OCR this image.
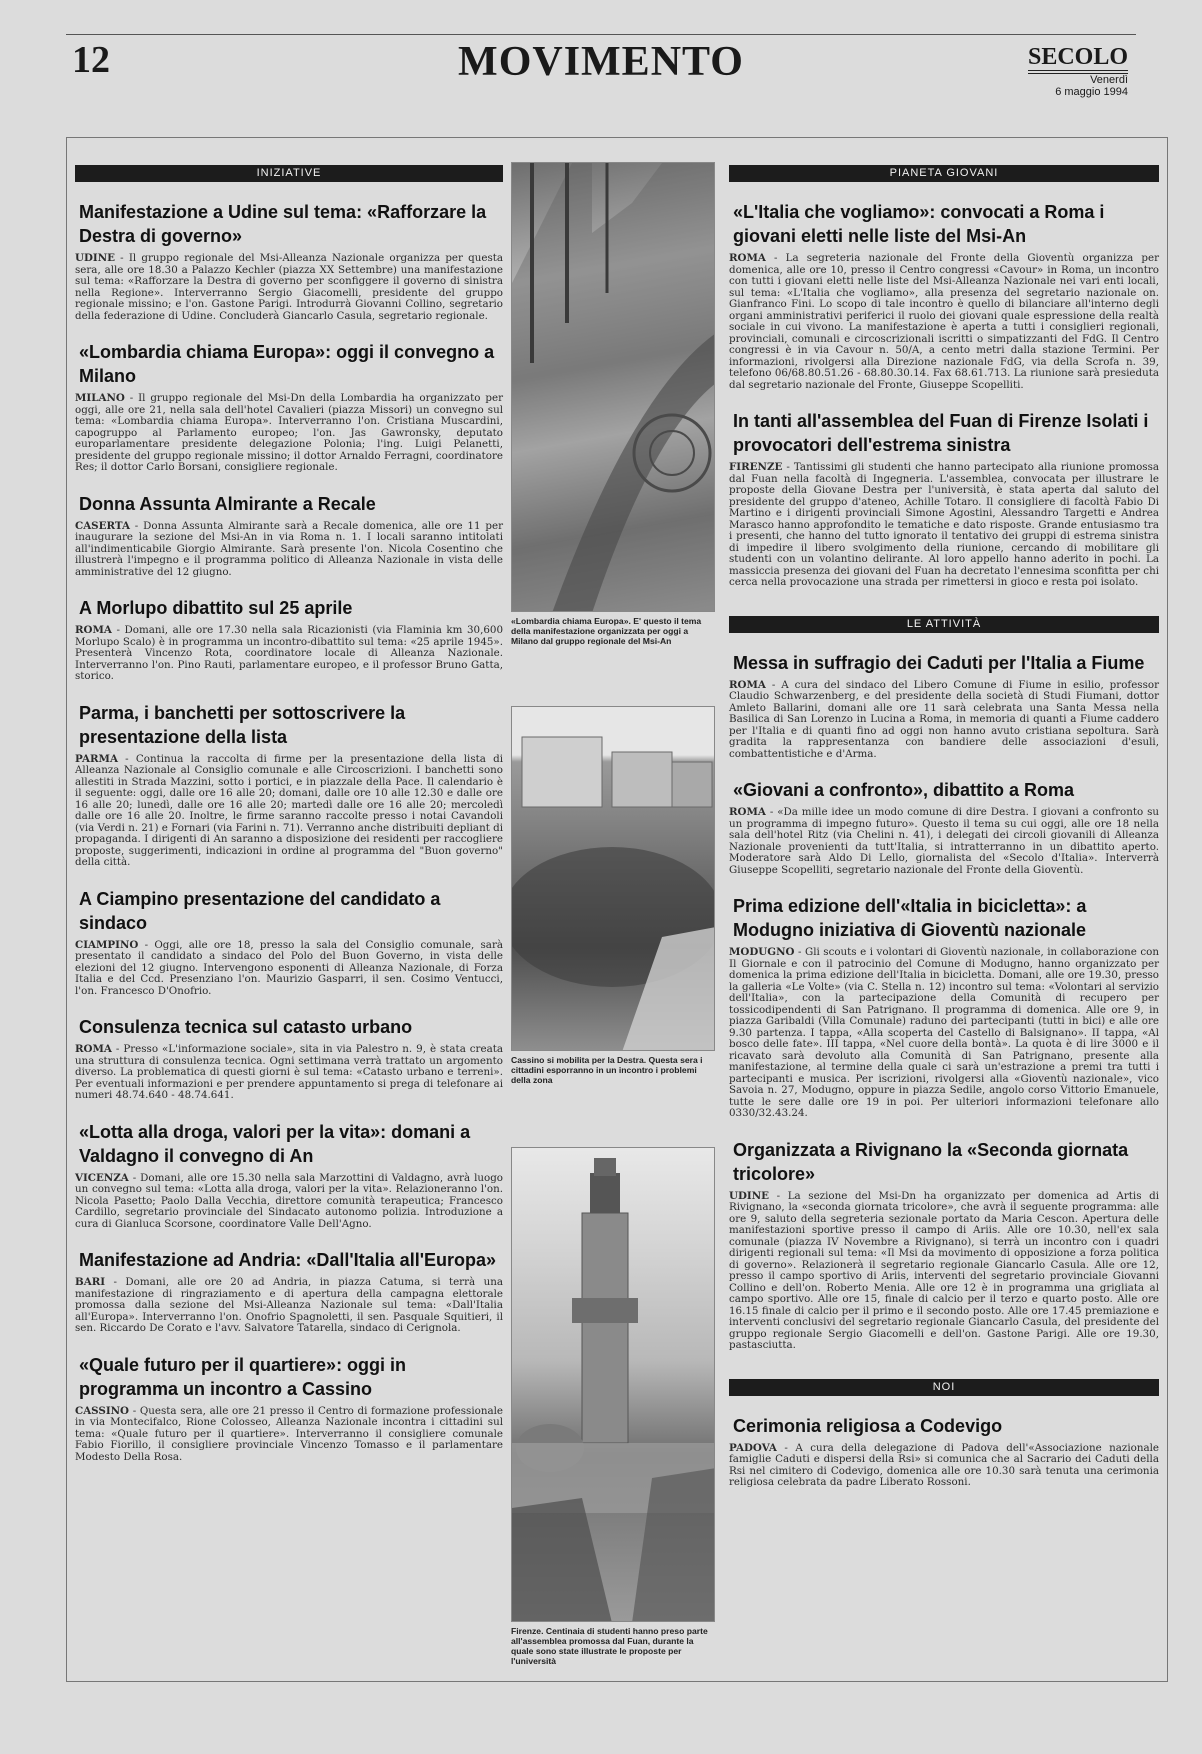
12	MOVIMENTO	SECOLO
Venerdì
6 maggio 1994
INIZIATIVE
Manifestazione a Udine sul tema: «Rafforzare la Destra di governo»

UDINE - Il gruppo regionale del Msi-Alleanza Nazionale organizza per questa sera, alle ore 18.30 a Palazzo Kechler (piazza XX Settembre) una manifestazione sul tema: «Rafforzare la Destra di governo per sconfiggere il governo di sinistra nella Regione». Interverranno Sergio Giacomelli, presidente del gruppo regionale missino; e l'on. Gastone Parigi. Introdurrà Giovanni Collino, segretario della federazione di Udine. Concluderà Giancarlo Casula, segretario regionale.

«Lombardia chiama Europa»: oggi il convegno a Milano

MILANO - Il gruppo regionale del Msi-Dn della Lombardia ha organizzato per oggi, alle ore 21, nella sala dell'hotel Cavalieri (piazza Missori) un convegno sul tema: «Lombardia chiama Europa». Interverranno l'on. Cristiana Muscardini, capogruppo al Parlamento europeo; l'on. Jas Gawronsky, deputato europarlamentare presidente delegazione Polonia; l'ing. Luigi Pelanetti, presidente del gruppo regionale missino; il dottor Arnaldo Ferragni, coordinatore Res; il dottor Carlo Borsani, consigliere regionale.

Donna Assunta Almirante a Recale

CASERTA - Donna Assunta Almirante sarà a Recale domenica, alle ore 11 per inaugurare la sezione del Msi-An in via Roma n. 1. I locali saranno intitolati all'indimenticabile Giorgio Almirante. Sarà presente l'on. Nicola Cosentino che illustrerà l'impegno e il programma politico di Alleanza Nazionale in vista delle amministrative del 12 giugno.

A Morlupo dibattito sul 25 aprile

ROMA - Domani, alle ore 17.30 nella sala Ricazionisti (via Flaminia km 30,600 Morlupo Scalo) è in programma un incontro-dibattito sul tema: «25 aprile 1945». Presenterà Vincenzo Rota, coordinatore locale di Alleanza Nazionale. Interverranno l'on. Pino Rauti, parlamentare europeo, e il professor Bruno Gatta, storico.

Parma, i banchetti per sottoscrivere la presentazione della lista

PARMA - Continua la raccolta di firme per la presentazione della lista di Alleanza Nazionale al Consiglio comunale e alle Circoscrizioni. I banchetti sono allestiti in Strada Mazzini, sotto i portici, e in piazzale della Pace. Il calendario è il seguente: oggi, dalle ore 16 alle 20; domani, dalle ore 10 alle 12.30 e dalle ore 16 alle 20; lunedì, dalle ore 16 alle 20; martedì dalle ore 16 alle 20; mercoledì dalle ore 16 alle 20. Inoltre, le firme saranno raccolte presso i notai Cavandoli (via Verdi n. 21) e Fornari (via Farini n. 71). Verranno anche distribuiti depliant di propaganda. I dirigenti di An saranno a disposizione dei residenti per raccogliere proposte, suggerimenti, indicazioni in ordine al programma del "Buon governo" della città.

A Ciampino presentazione del candidato a sindaco

CIAMPINO - Oggi, alle ore 18, presso la sala del Consiglio comunale, sarà presentato il candidato a sindaco del Polo del Buon Governo, in vista delle elezioni del 12 giugno. Intervengono esponenti di Alleanza Nazionale, di Forza Italia e del Ccd. Presenziano l'on. Maurizio Gasparri, il sen. Cosimo Ventucci, l'on. Francesco D'Onofrio.

Consulenza tecnica sul catasto urbano

ROMA - Presso «L'informazione sociale», sita in via Palestro n. 9, è stata creata una struttura di consulenza tecnica. Ogni settimana verrà trattato un argomento diverso. La problematica di questi giorni è sul tema: «Catasto urbano e terreni». Per eventuali informazioni e per prendere appuntamento si prega di telefonare ai numeri 48.74.640 - 48.74.641.

«Lotta alla droga, valori per la vita»: domani a Valdagno il convegno di An

VICENZA - Domani, alle ore 15.30 nella sala Marzottini di Valdagno, avrà luogo un convegno sul tema: «Lotta alla droga, valori per la vita». Relazioneranno l'on. Nicola Pasetto; Paolo Dalla Vecchia, direttore comunità terapeutica; Francesco Cardillo, segretario provinciale del Sindacato autonomo polizia. Introduzione a cura di Gianluca Scorsone, coordinatore Valle Dell'Agno.

Manifestazione ad Andria: «Dall'Italia all'Europa»

BARI - Domani, alle ore 20 ad Andria, in piazza Catuma, si terrà una manifestazione di ringraziamento e di apertura della campagna elettorale promossa dalla sezione del Msi-Alleanza Nazionale sul tema: «Dall'Italia all'Europa». Interverranno l'on. Onofrio Spagnoletti, il sen. Pasquale Squitieri, il sen. Riccardo De Corato e l'avv. Salvatore Tatarella, sindaco di Cerignola.

«Quale futuro per il quartiere»: oggi in programma un incontro a Cassino

CASSINO - Questa sera, alle ore 21 presso il Centro di formazione professionale in via Montecifalco, Rione Colosseo, Alleanza Nazionale incontra i cittadini sul tema: «Quale futuro per il quartiere». Interverranno il consigliere comunale Fabio Fiorillo, il consigliere provinciale Vincenzo Tomasso e il parlamentare Modesto Della Rosa.

«Lombardia chiama Europa». E' questo il tema della manifestazione organizzata per oggi a Milano dal gruppo regionale del Msi-An
Cassino si mobilita per la Destra. Questa sera i cittadini esporranno in un incontro i problemi della zona
Firenze. Centinaia di studenti hanno preso parte all'assemblea promossa dal Fuan, durante la quale sono state illustrate le proposte per l'università
PIANETA GIOVANI
«L'Italia che vogliamo»: convocati a Roma i giovani eletti nelle liste del Msi-An

ROMA - La segreteria nazionale del Fronte della Gioventù organizza per domenica, alle ore 10, presso il Centro congressi «Cavour» in Roma, un incontro con tutti i giovani eletti nelle liste del Msi-Alleanza Nazionale nei vari enti locali, sul tema: «L'Italia che vogliamo», alla presenza del segretario nazionale on. Gianfranco Fini. Lo scopo di tale incontro è quello di bilanciare all'interno degli organi amministrativi periferici il ruolo dei giovani quale espressione della realtà sociale in cui vivono. La manifestazione è aperta a tutti i consiglieri regionali, provinciali, comunali e circoscrizionali iscritti o simpatizzanti del FdG. Il Centro congressi è in via Cavour n. 50/A, a cento metri dalla stazione Termini. Per informazioni, rivolgersi alla Direzione nazionale FdG, via della Scrofa n. 39, telefono 06/68.80.51.26 - 68.80.30.14. Fax 68.61.713. La riunione sarà presieduta dal segretario nazionale del Fronte, Giuseppe Scopelliti.

In tanti all'assemblea del Fuan di Firenze Isolati i provocatori dell'estrema sinistra

FIRENZE - Tantissimi gli studenti che hanno partecipato alla riunione promossa dal Fuan nella facoltà di Ingegneria. L'assemblea, convocata per illustrare le proposte della Giovane Destra per l'università, è stata aperta dal saluto del presidente del gruppo d'ateneo, Achille Totaro. Il consigliere di facoltà Fabio Di Martino e i dirigenti provinciali Simone Agostini, Alessandro Targetti e Andrea Marasco hanno approfondito le tematiche e dato risposte. Grande entusiasmo tra i presenti, che hanno del tutto ignorato il tentativo dei gruppi di estrema sinistra di impedire il libero svolgimento della riunione, cercando di mobilitare gli studenti con un volantino delirante. Al loro appello hanno aderito in pochi. La massiccia presenza dei giovani del Fuan ha decretato l'ennesima sconfitta per chi cerca nella provocazione una strada per rimettersi in gioco e resta poi isolato.

LE ATTIVITÀ
Messa in suffragio dei Caduti per l'Italia a Fiume

ROMA - A cura del sindaco del Libero Comune di Fiume in esilio, professor Claudio Schwarzenberg, e del presidente della società di Studi Fiumani, dottor Amleto Ballarini, domani alle ore 11 sarà celebrata una Santa Messa nella Basilica di San Lorenzo in Lucina a Roma, in memoria di quanti a Fiume caddero per l'Italia e di quanti fino ad oggi non hanno avuto cristiana sepoltura. Sarà gradita la rappresentanza con bandiere delle associazioni d'esuli, combattentistiche e d'Arma.

«Giovani a confronto», dibattito a Roma

ROMA - «Da mille idee un modo comune di dire Destra. I giovani a confronto su un programma di impegno futuro». Questo il tema su cui oggi, alle ore 18 nella sala dell'hotel Ritz (via Chelini n. 41), i delegati dei circoli giovanili di Alleanza Nazionale provenienti da tutt'Italia, si intratterranno in un dibattito aperto. Moderatore sarà Aldo Di Lello, giornalista del «Secolo d'Italia». Interverrà Giuseppe Scopelliti, segretario nazionale del Fronte della Gioventù.

Prima edizione dell'«Italia in bicicletta»: a Modugno iniziativa di Gioventù nazionale

MODUGNO - Gli scouts e i volontari di Gioventù nazionale, in collaborazione con Il Giornale e con il patrocinio del Comune di Modugno, hanno organizzato per domenica la prima edizione dell'Italia in bicicletta. Domani, alle ore 19.30, presso la galleria «Le Volte» (via C. Stella n. 12) incontro sul tema: «Volontari al servizio dell'Italia», con la partecipazione della Comunità di recupero per tossicodipendenti di San Patrignano. Il programma di domenica. Alle ore 9, in piazza Garibaldi (Villa Comunale) raduno dei partecipanti (tutti in bici) e alle ore 9.30 partenza. I tappa, «Alla scoperta del Castello di Balsignano». II tappa, «Al bosco delle fate». III tappa, «Nel cuore della bontà». La quota è di lire 3000 e il ricavato sarà devoluto alla Comunità di San Patrignano, presente alla manifestazione, al termine della quale ci sarà un'estrazione a premi tra tutti i partecipanti e musica. Per iscrizioni, rivolgersi alla «Gioventù nazionale», vico Savoia n. 27, Modugno, oppure in piazza Sedile, angolo corso Vittorio Emanuele, tutte le sere dalle ore 19 in poi. Per ulteriori informazioni telefonare allo 0330/32.43.24.

Organizzata a Rivignano la «Seconda giornata tricolore»

UDINE - La sezione del Msi-Dn ha organizzato per domenica ad Artis di Rivignano, la «seconda giornata tricolore», che avrà il seguente programma: alle ore 9, saluto della segreteria sezionale portato da Maria Cescon. Apertura delle manifestazioni sportive presso il campo di Ariis. Alle ore 10.30, nell'ex sala comunale (piazza IV Novembre a Rivignano), si terrà un incontro con i quadri dirigenti regionali sul tema: «Il Msi da movimento di opposizione a forza politica di governo». Relazionerà il segretario regionale Giancarlo Casula. Alle ore 12, presso il campo sportivo di Ariis, interventi del segretario provinciale Giovanni Collino e dell'on. Roberto Menia. Alle ore 12 è in programma una grigliata al campo sportivo. Alle ore 15, finale di calcio per il terzo e quarto posto. Alle ore 16.15 finale di calcio per il primo e il secondo posto. Alle ore 17.45 premiazione e interventi conclusivi del segretario regionale Giancarlo Casula, del presidente del gruppo regionale Sergio Giacomelli e dell'on. Gastone Parigi. Alle ore 19.30, pastasciutta.

NOI
Cerimonia religiosa a Codevigo

PADOVA - A cura della delegazione di Padova dell'«Associazione nazionale famiglie Caduti e dispersi della Rsi» si comunica che al Sacrario dei Caduti della Rsi nel cimitero di Codevigo, domenica alle ore 10.30 sarà tenuta una cerimonia religiosa celebrata da padre Liberato Rossoni.
